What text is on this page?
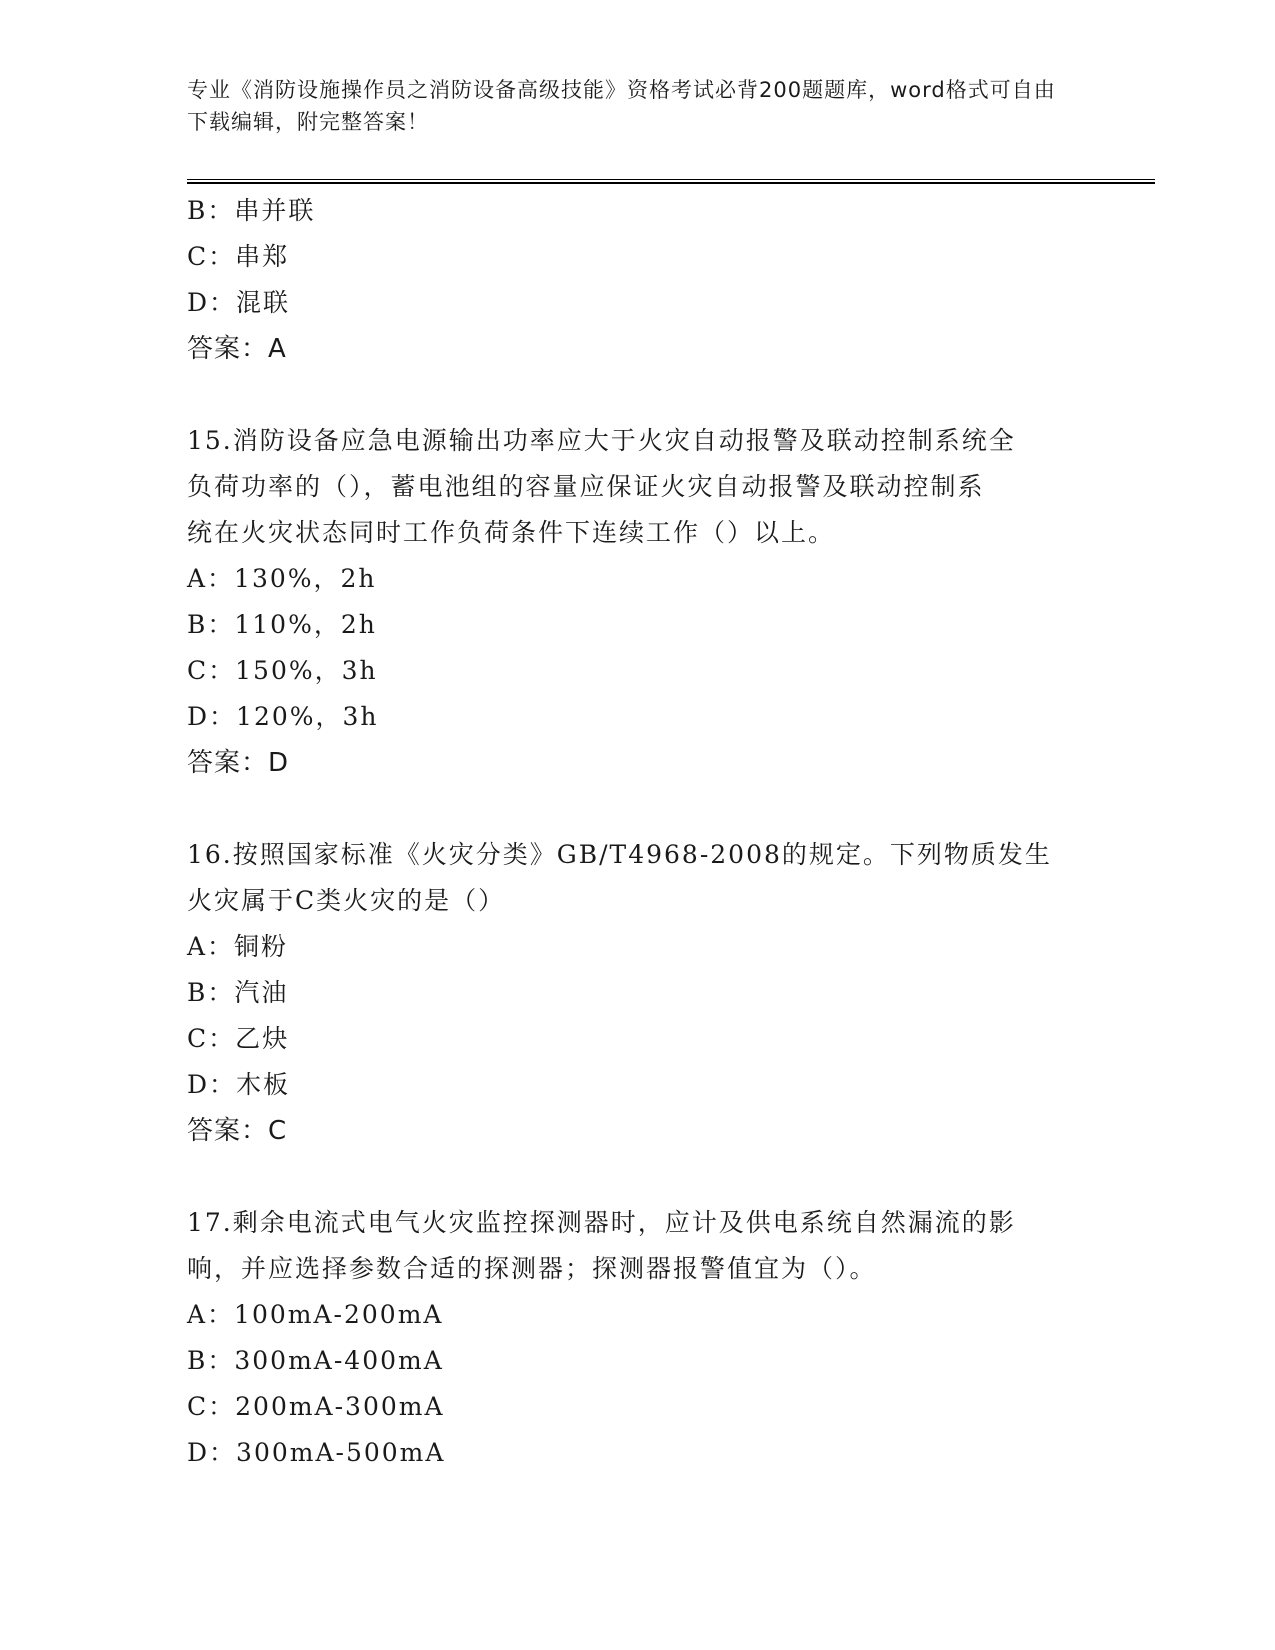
专业《消防设施操作员之消防设备高级技能》资格考试必背200题题库，word格式可自由下载编辑，附完整答案！
B：串并联
C：串郑
D：混联
答案：A
15.消防设备应急电源输出功率应大于火灾自动报警及联动控制系统全
负荷功率的（），蓄电池组的容量应保证火灾自动报警及联动控制系
统在火灾状态同时工作负荷条件下连续工作（）以上。
A：130%，2h
B：110%，2h
C：150%，3h
D：120%，3h
答案：D
16.按照国家标准《火灾分类》GB/T4968-2008的规定。下列物质发生
火灾属于C类火灾的是（）
A：铜粉
B：汽油
C：乙炔
D：木板
答案：C
17.剩余电流式电气火灾监控探测器时，应计及供电系统自然漏流的影
响，并应选择参数合适的探测器；探测器报警值宜为（）。
A：100mA-200mA
B：300mA-400mA
C：200mA-300mA
D：300mA-500mA
